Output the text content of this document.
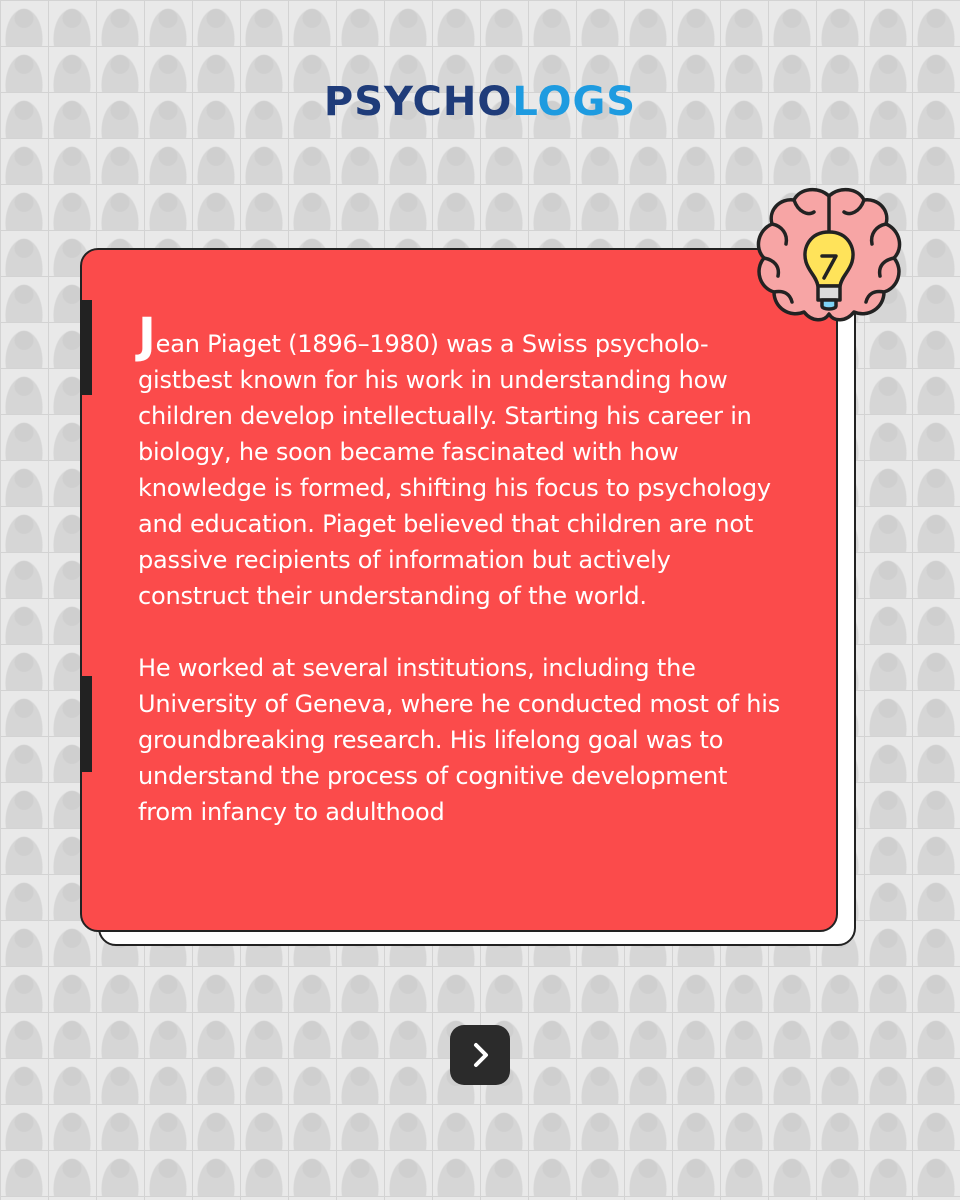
PSYCHOLOGS

Jean Piaget (1896–1980) was a Swiss psycholo-gistbest known for his work in understanding how children develop intellectually. Starting his career in biology, he soon became fascinated with how knowledge is formed, shifting his focus to psychology and education. Piaget believed that children are not passive recipients of information but actively construct their understanding of the world.

He worked at several institutions, including the University of Geneva, where he conducted most of his groundbreaking research. His lifelong goal was to understand the process of cognitive development from infancy to adulthood
